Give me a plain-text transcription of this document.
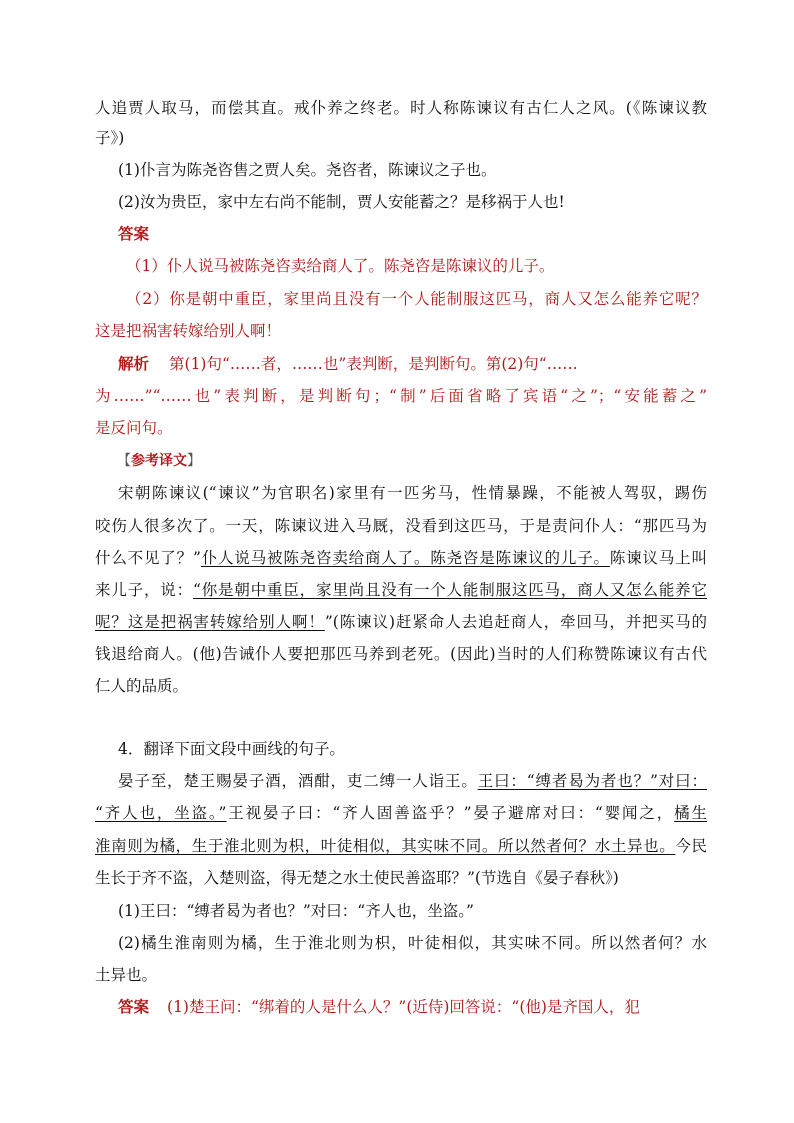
人追贾人取马，而偿其直。戒仆养之终老。时人称陈谏议有古仁人之风。(《陈谏议教
子》)
(1)仆言为陈尧咨售之贾人矣。尧咨者，陈谏议之子也。
(2)汝为贵臣，家中左右尚不能制，贾人安能蓄之？是移祸于人也!
答案
（1）仆人说马被陈尧咨卖给商人了。陈尧咨是陈谏议的儿子。
（2）你是朝中重臣，家里尚且没有一个人能制服这匹马，商人又怎么能养它呢？
这是把祸害转嫁给别人啊！
解析 第(1)句“……者，……也”表判断，是判断句。第(2)句“……
为……”“……也”表判断，是判断句；“制”后面省略了宾语“之”；“安能蓄之”
是反问句。
【参考译文】
宋朝陈谏议(“谏议”为官职名)家里有一匹劣马，性情暴躁，不能被人驾驭，踢伤
咬伤人很多次了。一天，陈谏议进入马厩，没看到这匹马，于是责问仆人：“那匹马为
什么不见了？”仆人说马被陈尧咨卖给商人了。陈尧咨是陈谏议的儿子。陈谏议马上叫
来儿子，说：“你是朝中重臣，家里尚且没有一个人能制服这匹马，商人又怎么能养它
呢？这是把祸害转嫁给别人啊！”(陈谏议)赶紧命人去追赶商人，牵回马，并把买马的
钱退给商人。(他)告诫仆人要把那匹马养到老死。(因此)当时的人们称赞陈谏议有古代
仁人的品质。
4．翻译下面文段中画线的句子。
晏子至，楚王赐晏子酒，酒酣，吏二缚一人诣王。王曰：“缚者曷为者也？”对曰：
“齐人也，坐盗。”王视晏子曰：“齐人固善盗乎？”晏子避席对曰：“婴闻之，橘生
淮南则为橘，生于淮北则为枳，叶徒相似，其实味不同。所以然者何？水土异也。今民
生长于齐不盗，入楚则盗，得无楚之水土使民善盗耶？”(节选自《晏子春秋》)
(1)王曰：“缚者曷为者也？”对曰：“齐人也，坐盗。”
(2)橘生淮南则为橘，生于淮北则为枳，叶徒相似，其实味不同。所以然者何？水
土异也。
答案 (1)楚王问：“绑着的人是什么人？”(近侍)回答说：“(他)是齐国人，犯
